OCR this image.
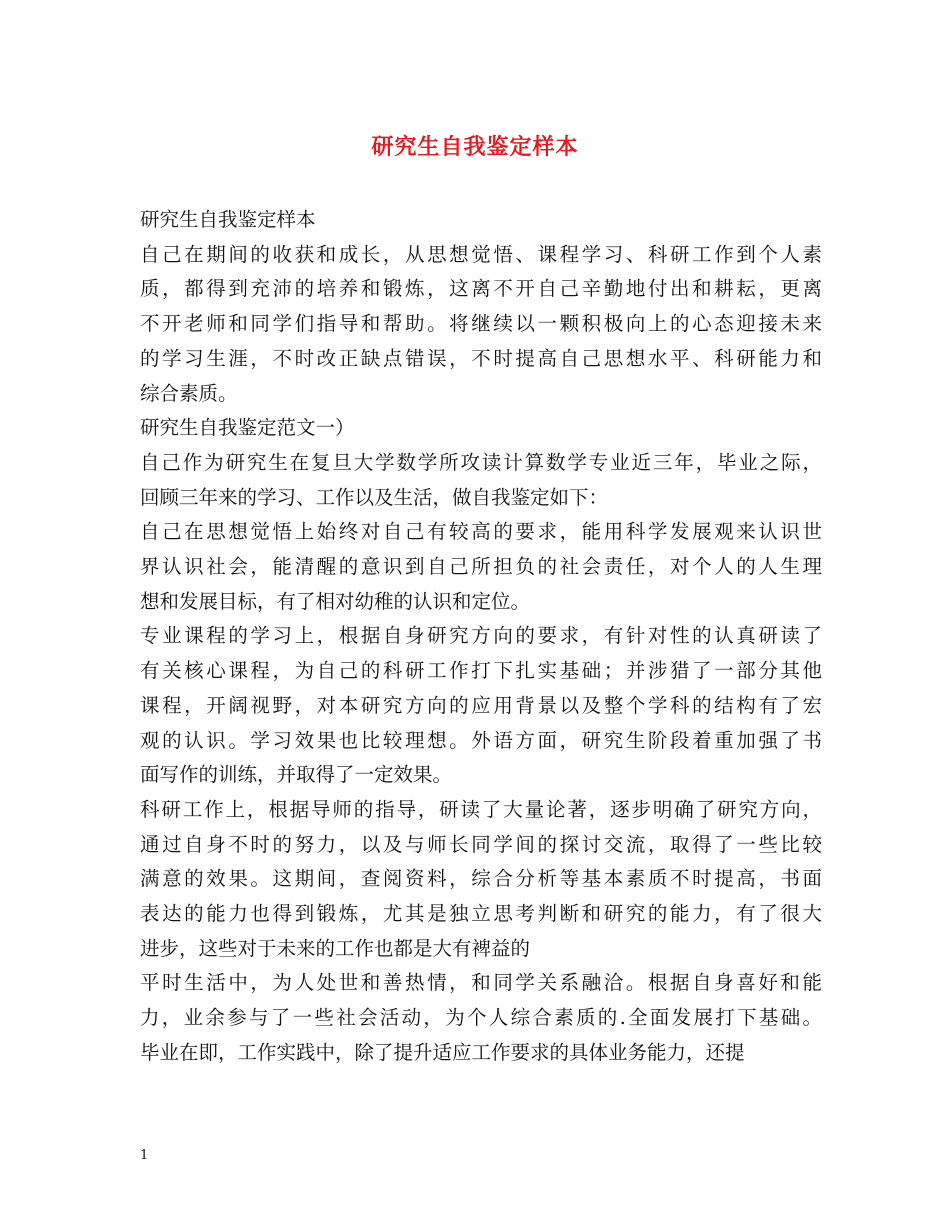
研究生自我鉴定样本
研究生自我鉴定样本
自己在期间的收获和成长，从思想觉悟、课程学习、科研工作到个人素
质，都得到充沛的培养和锻炼，这离不开自己辛勤地付出和耕耘，更离
不开老师和同学们指导和帮助。将继续以一颗积极向上的心态迎接未来
的学习生涯，不时改正缺点错误，不时提高自己思想水平、科研能力和
综合素质。
研究生自我鉴定范文一）
自己作为研究生在复旦大学数学所攻读计算数学专业近三年，毕业之际，
回顾三年来的学习、工作以及生活，做自我鉴定如下：
自己在思想觉悟上始终对自己有较高的要求，能用科学发展观来认识世
界认识社会，能清醒的意识到自己所担负的社会责任，对个人的人生理
想和发展目标，有了相对幼稚的认识和定位。
专业课程的学习上，根据自身研究方向的要求，有针对性的认真研读了
有关核心课程，为自己的科研工作打下扎实基础；并涉猎了一部分其他
课程，开阔视野，对本研究方向的应用背景以及整个学科的结构有了宏
观的认识。学习效果也比较理想。外语方面，研究生阶段着重加强了书
面写作的训练，并取得了一定效果。
科研工作上，根据导师的指导，研读了大量论著，逐步明确了研究方向，
通过自身不时的努力，以及与师长同学间的探讨交流，取得了一些比较
满意的效果。这期间，查阅资料，综合分析等基本素质不时提高，书面
表达的能力也得到锻炼，尤其是独立思考判断和研究的能力，有了很大
进步，这些对于未来的工作也都是大有裨益的
平时生活中，为人处世和善热情，和同学关系融洽。根据自身喜好和能
力，业余参与了一些社会活动，为个人综合素质的.全面发展打下基础。
毕业在即，工作实践中，除了提升适应工作要求的具体业务能力，还提
1
